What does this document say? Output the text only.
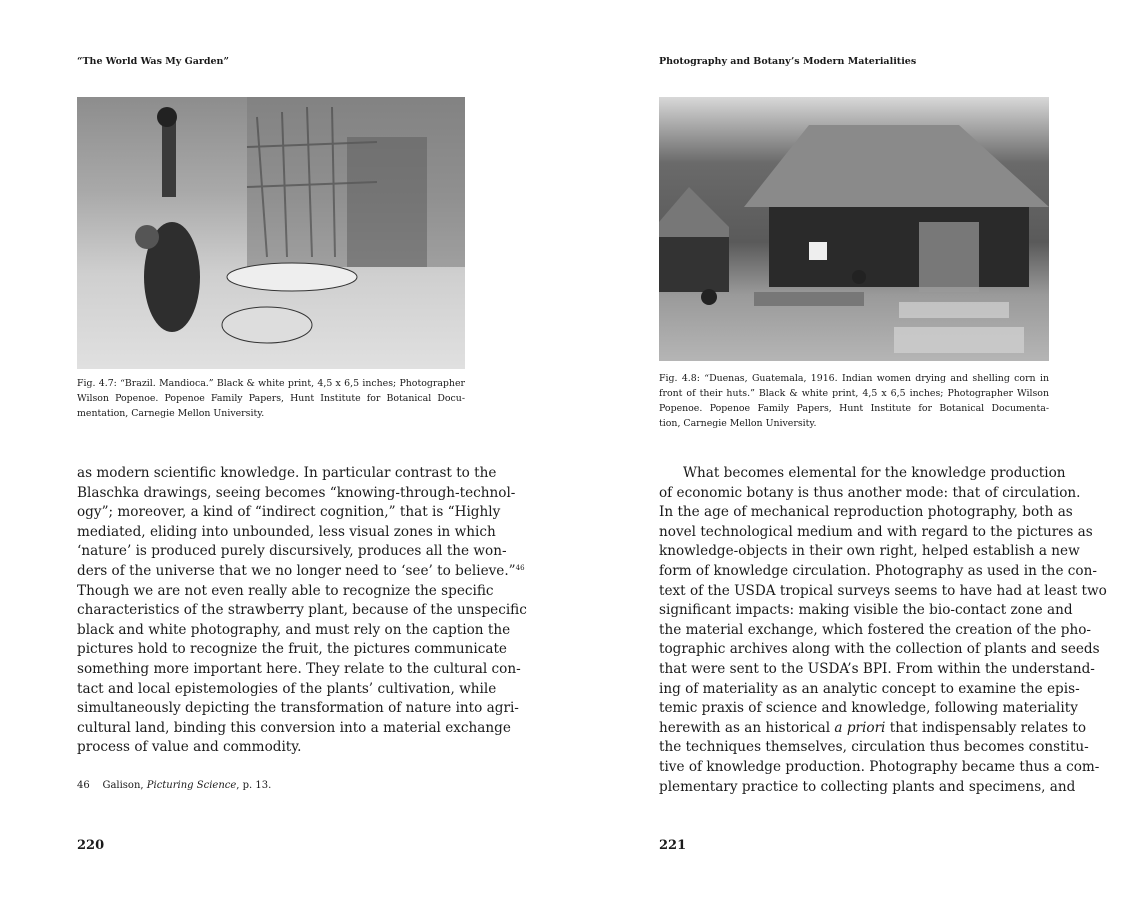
“The World Was My Garden”
Fig. 4.7: “Brazil. Mandioca.” Black & white print, 4,5 x 6,5 inches; Photographer
Wilson Popenoe. Popenoe Family Papers, Hunt Institute for Botanical Docu-
mentation, Carnegie Mellon University.
as modern scientific knowledge. In particular contrast to the
Blaschka drawings, seeing becomes “knowing-through-technol-
ogy”; moreover, a kind of “indirect cognition,” that is “Highly
mediated, eliding into unbounded, less visual zones in which
‘nature’ is produced purely discursively, produces all the won-
ders of the universe that we no longer need to ‘see’ to believe.”$^{46}$
Though we are not even really able to recognize the specific
characteristics of the strawberry plant, because of the unspecific
black and white photography, and must rely on the caption the
pictures hold to recognize the fruit, the pictures communicate
something more important here. They relate to the cultural con-
tact and local epistemologies of the plants’ cultivation, while
simultaneously depicting the transformation of nature into agri-
cultural land, binding this conversion into a material exchange
process of value and commodity.
46 Galison, Picturing Science, p. 13.
220
Photography and Botany’s Modern Materialities
Fig. 4.8: “Duenas, Guatemala, 1916. Indian women drying and shelling corn in
front of their huts.” Black & white print, 4,5 x 6,5 inches; Photographer Wilson
Popenoe. Popenoe Family Papers, Hunt Institute for Botanical Documenta-
tion, Carnegie Mellon University.
What becomes elemental for the knowledge production
of economic botany is thus another mode: that of circulation.
In the age of mechanical reproduction photography, both as
novel technological medium and with regard to the pictures as
knowledge-objects in their own right, helped establish a new
form of knowledge circulation. Photography as used in the con-
text of the USDA tropical surveys seems to have had at least two
significant impacts: making visible the bio-contact zone and
the material exchange, which fostered the creation of the pho-
tographic archives along with the collection of plants and seeds
that were sent to the USDA’s BPI. From within the understand-
ing of materiality as an analytic concept to examine the epis-
temic praxis of science and knowledge, following materiality
herewith as an historical a priori that indispensably relates to
the techniques themselves, circulation thus becomes constitu-
tive of knowledge production. Photography became thus a com-
plementary practice to collecting plants and specimens, and
221
